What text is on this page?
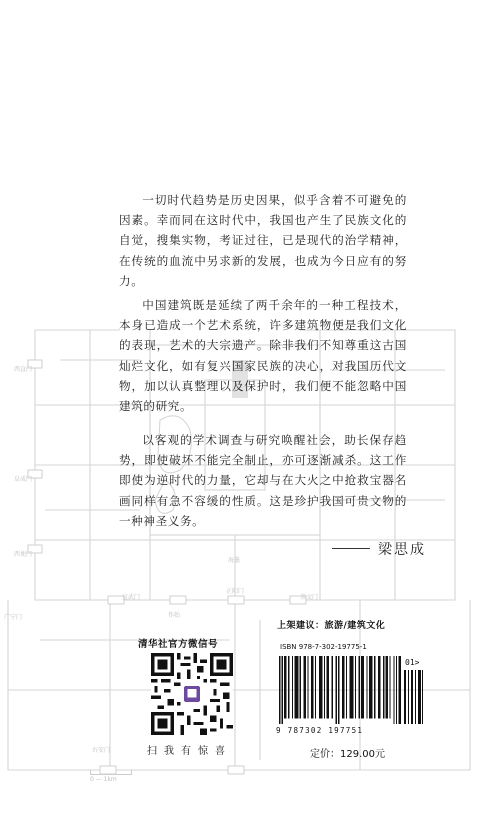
西直门
阜成门
西便门
广宁门
右安门
宣武门
正阳门
崇文门
作始
海墨
0 — 1km

一切时代趋势是历史因果，似乎含着不可避免的因素。幸而同在这时代中，我国也产生了民族文化的自觉，搜集实物，考证过往，已是现代的治学精神，在传统的血流中另求新的发展，也成为今日应有的努力。

中国建筑既是延续了两千余年的一种工程技术，本身已造成一个艺术系统，许多建筑物便是我们文化的表现，艺术的大宗遗产。除非我们不知尊重这古国灿烂文化，如有复兴国家民族的决心，对我国历代文物，加以认真整理以及保护时，我们便不能忽略中国建筑的研究。

以客观的学术调查与研究唤醒社会，助长保存趋势，即使破坏不能完全制止，亦可逐渐减杀。这工作即使为逆时代的力量，它却与在大火之中抢救宝器名画同样有急不容缓的性质。这是珍护我国可贵文物的一种神圣义务。

梁思成
上架建议：旅游/建筑文化
清华社官方微信号
扫我有惊喜
ISBN 978-7-302-19775-1
01>
9 787302 197751
定价：129.00元
